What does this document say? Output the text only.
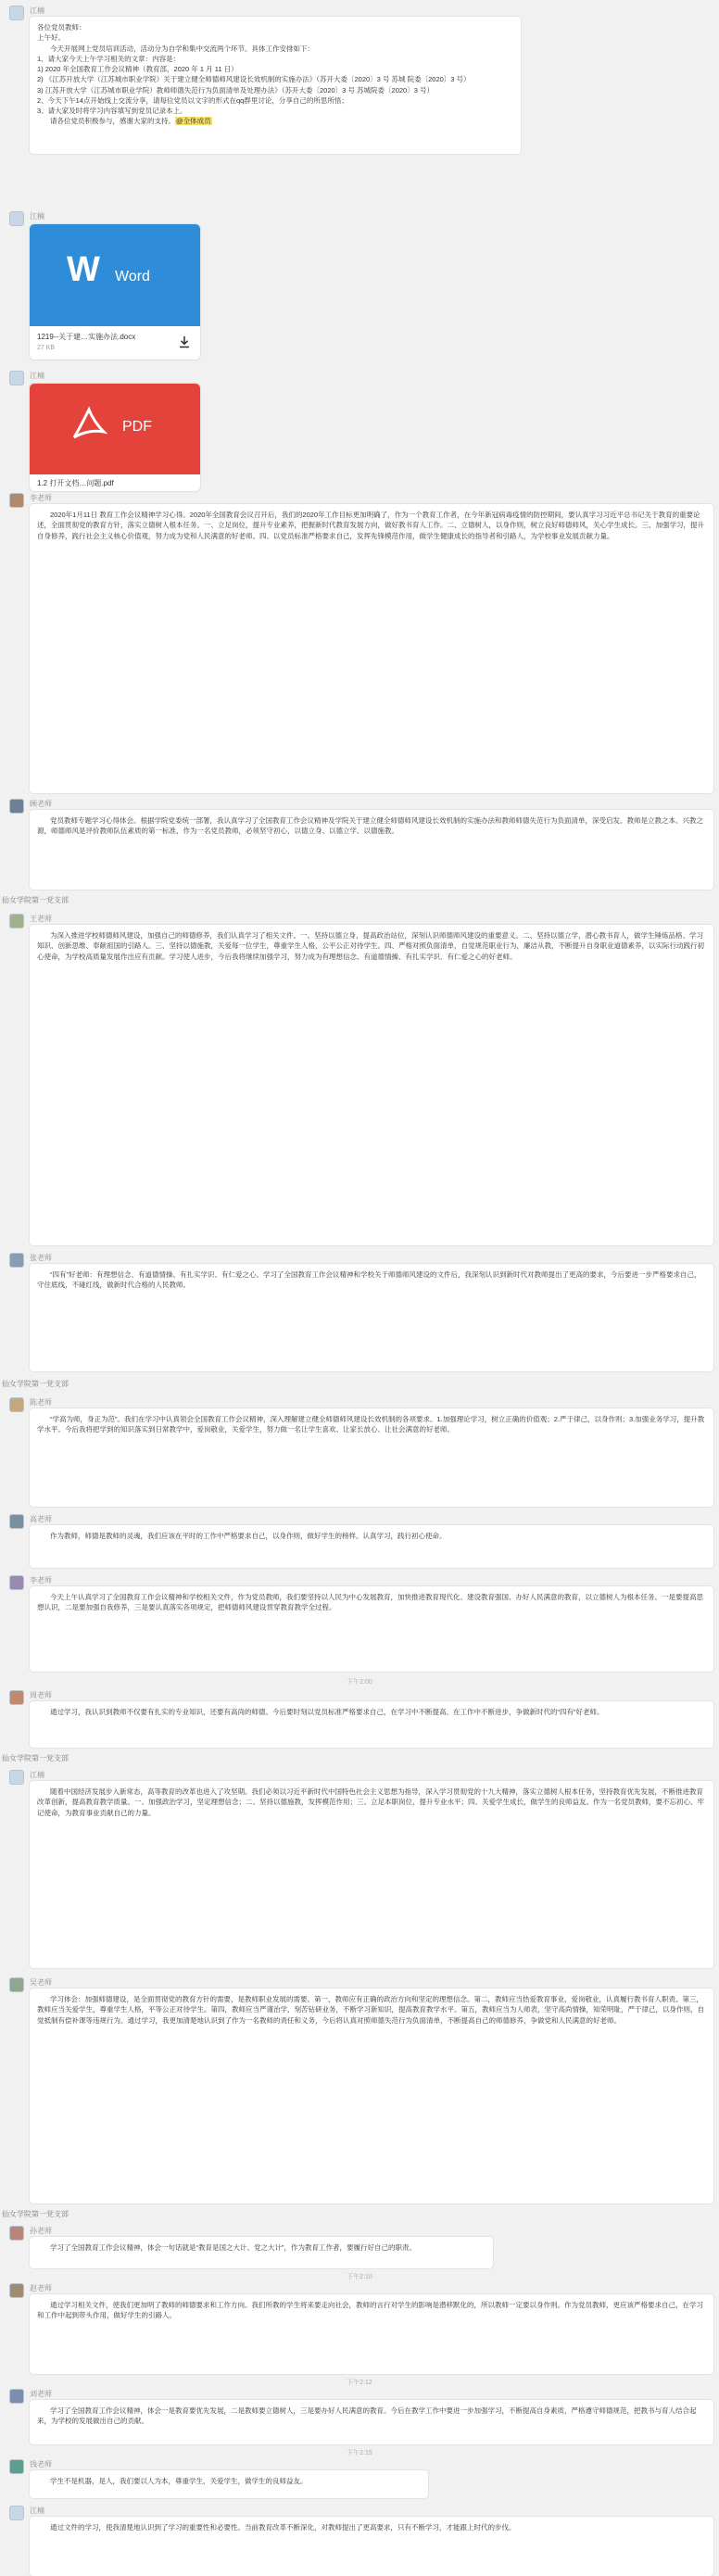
江楠
各位党员教师：
上午好。
今天开展网上党员培训活动，活动分为自学和集中交流两个环节。具体工作安排如下：
1、请大家今天上午学习相关的文章：内容是：
1) 2020 年全国教育工作会议精神（教育部，2020 年 1 月 11 日）
2) 《江苏开放大学（江苏城市职业学院）关于建立健全师德师风建设长效机制的实施办法》（苏开大委〔2020〕3 号 苏城 院委〔2020〕3 号）
3) 江苏开放大学（江苏城市职业学院）教师师德失范行为负面清单及处理办法》（苏开大委〔2020〕3 号 苏城院委〔2020〕3 号）
2、今天下午14点开始线上交流分享，请每位党员以文字的形式在qq群里讨论，分享自己的所思所悟；
3、请大家及时将学习内容填写到党员记录本上。
请各位党员积极参与，感谢大家的支持。@全体成员
江楠
W Word
1219--关于建…实施办法.docx
27 KB
江楠
PDF
1.2 打开文档…问题.pdf
李老师
2020年1月11日 教育工作会议精神学习心得。2020年全国教育会议召开后，我们的2020年工作目标更加明确了，作为一个教育工作者，在今年新冠病毒疫情的防控期间，要认真学习习近平总书记关于教育的重要论述，全面贯彻党的教育方针，落实立德树人根本任务。一、立足岗位，提升专业素养，把握新时代教育发展方向，做好教书育人工作。二、立德树人，以身作则，树立良好师德师风，关心学生成长。三、加强学习，提升自身修养，践行社会主义核心价值观，努力成为党和人民满意的好老师。四、以党员标准严格要求自己，发挥先锋模范作用，做学生健康成长的指导者和引路人，为学校事业发展贡献力量。
顾老师
党员教师专题学习心得体会。根据学院党委统一部署，我认真学习了全国教育工作会议精神及学院关于建立健全师德师风建设长效机制的实施办法和教师师德失范行为负面清单，深受启发。教师是立教之本、兴教之源，师德师风是评价教师队伍素质的第一标准，作为一名党员教师，必须坚守初心，以德立身、以德立学、以德施教。
仙女学院第一党支部
王老师
为深入推进学校师德师风建设，加强自己的师德修养，我们认真学习了相关文件。一、坚持以德立身，提高政治站位，深刻认识师德师风建设的重要意义。二、坚持以德立学，潜心教书育人，做学生锤炼品格、学习知识、创新思维、奉献祖国的引路人。三、坚持以德施教，关爱每一位学生，尊重学生人格，公平公正对待学生。四、严格对照负面清单，自觉规范职业行为，廉洁从教，不断提升自身职业道德素养，以实际行动践行初心使命，为学校高质量发展作出应有贡献。学习使人进步，今后我将继续加强学习，努力成为有理想信念、有道德情操、有扎实学识、有仁爱之心的好老师。
张老师
“四有”好老师：有理想信念、有道德情操、有扎实学识、有仁爱之心。学习了全国教育工作会议精神和学校关于师德师风建设的文件后，我深刻认识到新时代对教师提出了更高的要求，今后要进一步严格要求自己，守住底线，不碰红线，做新时代合格的人民教师。
仙女学院第一党支部
陈老师
“学高为师，身正为范”。我们在学习中认真领会全国教育工作会议精神，深入理解建立健全师德师风建设长效机制的各项要求。1.加强理论学习，树立正确的价值观；2.严于律己，以身作则；3.加强业务学习，提升教学水平。今后我将把学到的知识落实到日常教学中，爱岗敬业，关爱学生，努力做一名让学生喜欢、让家长放心、让社会满意的好老师。
高老师
作为教师，师德是教师的灵魂，我们应该在平时的工作中严格要求自己，以身作则，做好学生的榜样。认真学习，践行初心使命。
李老师
今天上午认真学习了全国教育工作会议精神和学校相关文件，作为党员教师，我们要坚持以人民为中心发展教育，加快推进教育现代化、建设教育强国、办好人民满意的教育，以立德树人为根本任务。一是要提高思想认识，二是要加强自我修养，三是要认真落实各项规定，把师德师风建设贯穿教育教学全过程。
下午2:00
周老师
通过学习，我认识到教师不仅要有扎实的专业知识，还要有高尚的师德。今后要时刻以党员标准严格要求自己，在学习中不断提高、在工作中不断进步，争做新时代的“四有”好老师。
仙女学院第一党支部
江楠
随着中国经济发展步入新常态，高等教育的改革也进入了攻坚期。我们必须以习近平新时代中国特色社会主义思想为指导，深入学习贯彻党的十九大精神，落实立德树人根本任务，坚持教育优先发展，不断推进教育改革创新，提高教育教学质量。一、加强政治学习，坚定理想信念；二、坚持以德施教，发挥模范作用；三、立足本职岗位，提升专业水平；四、关爱学生成长，做学生的良师益友。作为一名党员教师，要不忘初心、牢记使命，为教育事业贡献自己的力量。
吴老师
学习体会：加强师德建设，是全面贯彻党的教育方针的需要，是教师职业发展的需要。第一，教师应有正确的政治方向和坚定的理想信念。第二，教师应当热爱教育事业，爱岗敬业，认真履行教书育人职责。第三，教师应当关爱学生，尊重学生人格，平等公正对待学生。第四，教师应当严谨治学，刻苦钻研业务，不断学习新知识，提高教育教学水平。第五，教师应当为人师表，坚守高尚情操，知荣明耻，严于律己，以身作则，自觉抵制有偿补课等违规行为。通过学习，我更加清楚地认识到了作为一名教师的责任和义务，今后将认真对照师德失范行为负面清单，不断提高自己的师德修养，争做党和人民满意的好老师。
仙女学院第一党支部
孙老师
学习了全国教育工作会议精神，体会一句话就是“教育是国之大计、党之大计”，作为教育工作者，要履行好自己的职责。
下午2:10
赵老师
通过学习相关文件，使我们更加明了教师的师德要求和工作方向。我们所教的学生将来要走向社会，教师的言行对学生的影响是潜移默化的，所以教师一定要以身作则。作为党员教师，更应该严格要求自己，在学习和工作中起到带头作用，做好学生的引路人。
下午2:12
刘老师
学习了全国教育工作会议精神，体会一是教育要优先发展，二是教师要立德树人，三是要办好人民满意的教育。今后在教学工作中要进一步加强学习，不断提高自身素质，严格遵守师德规范，把教书与育人结合起来，为学校的发展做出自己的贡献。
下午2:15
钱老师
学生不是机器，是人，我们要以人为本，尊重学生，关爱学生，做学生的良师益友。
江楠
通过文件的学习，使我清楚地认识到了学习的重要性和必要性。当前教育改革不断深化，对教师提出了更高要求，只有不断学习，才能跟上时代的步伐。
